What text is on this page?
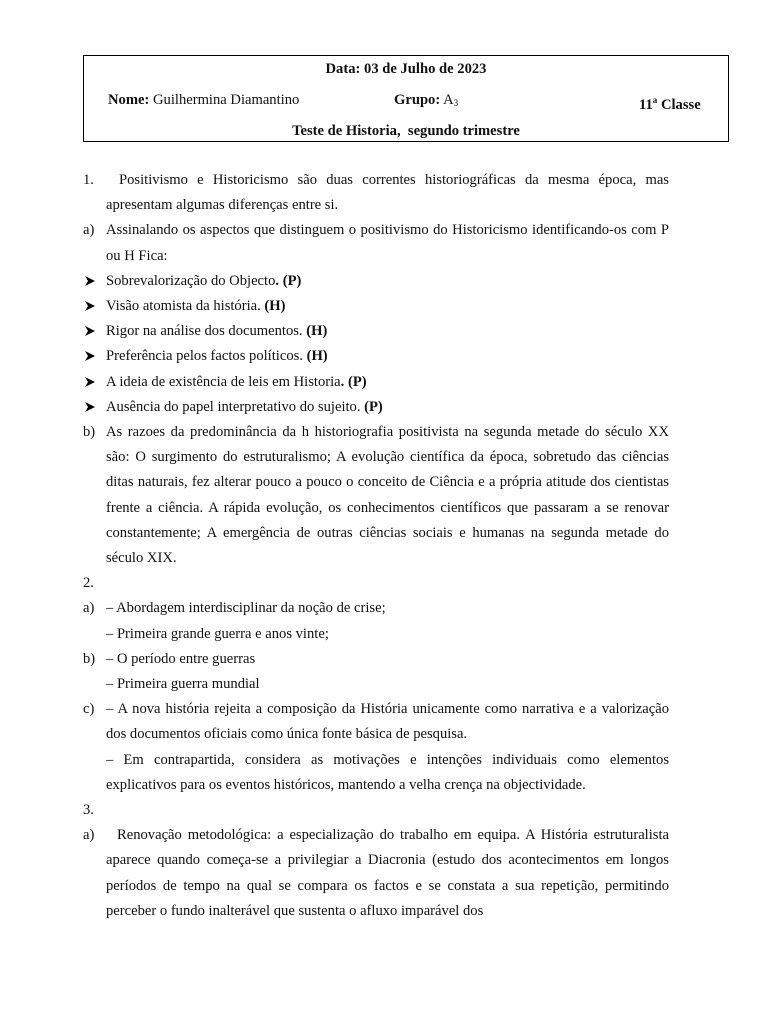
Data: 03 de Julho de 2023
Nome: Guilhermina Diamantino	Grupo: A3	11$^a$ Classe
Teste de Historia,  segundo trimestre
1.	Positivismo e Historicismo são duas correntes historiográficas da mesma época, mas apresentam algumas diferenças entre si.
a) Assinalando os aspectos que distinguem o positivismo do Historicismo identificando-os com P ou H Fica:
Sobrevalorização do Objecto. (P)
Visão atomista da história. (H)
Rigor na análise dos documentos. (H)
Preferência pelos factos políticos. (H)
A ideia de existência de leis em Historia. (P)
Ausência do papel interpretativo do sujeito. (P)
b) As razoes da predominância da h historiografia positivista na segunda metade do século XX são: O surgimento do estruturalismo; A evolução científica da época, sobretudo das ciências ditas naturais, fez alterar pouco a pouco o conceito de Ciência e a própria atitude dos cientistas frente a ciência. A rápida evolução, os conhecimentos científicos que passaram a se renovar constantemente; A emergência de outras ciências sociais e humanas na segunda metade do século XIX.
2.

a) – Abordagem interdisciplinar da noção de crise;
– Primeira grande guerra e anos vinte;
b) – O período entre guerras
– Primeira guerra mundial
c) – A nova história rejeita a composição da História unicamente como narrativa e a valorização dos documentos oficiais como única fonte básica de pesquisa.
– Em contrapartida, considera as motivações e intenções individuais como elementos explicativos para os eventos históricos, mantendo a velha crença na objectividade.
3.

a)	Renovação metodológica: a especialização do trabalho em equipa. A História estruturalista aparece quando começa-se a privilegiar a Diacronia (estudo dos acontecimentos em longos períodos de tempo na qual se compara os factos e se constata a sua repetição, permitindo perceber o fundo inalterável que sustenta o afluxo imparável dos
